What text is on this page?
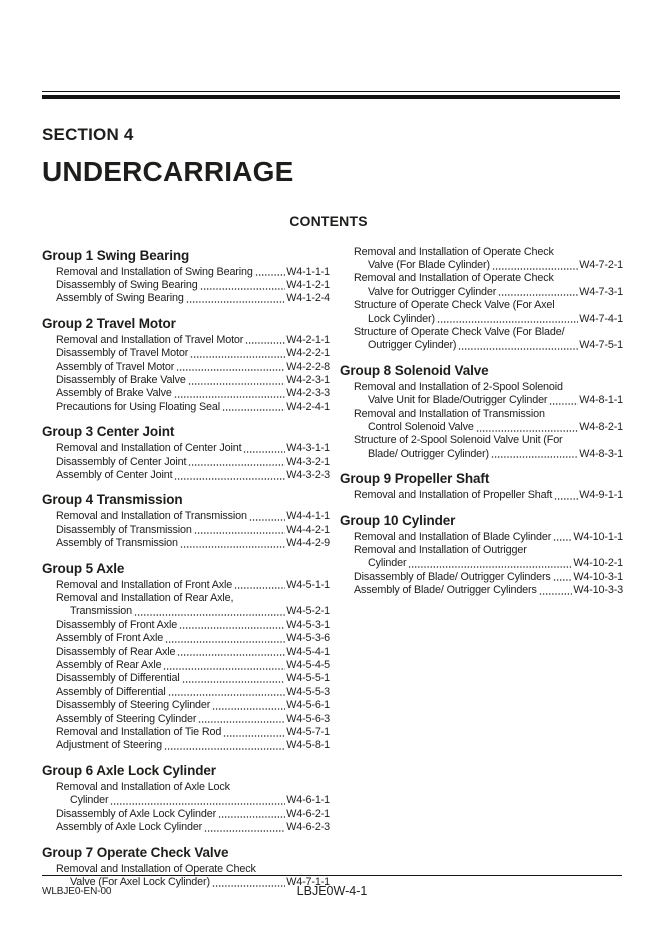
SECTION 4
UNDERCARRIAGE
CONTENTS
Group 1 Swing Bearing
Removal and Installation of Swing Bearing	W4-1-1-1
Disassembly of Swing Bearing	W4-1-2-1
Assembly of Swing Bearing	W4-1-2-4
Group 2 Travel Motor
Removal and Installation of Travel Motor	W4-2-1-1
Disassembly of Travel Motor	W4-2-2-1
Assembly of Travel Motor	W4-2-2-8
Disassembly of Brake Valve	W4-2-3-1
Assembly of Brake Valve	W4-2-3-3
Precautions for Using Floating Seal	W4-2-4-1
Group 3 Center Joint
Removal and Installation of Center Joint	W4-3-1-1
Disassembly of Center Joint	W4-3-2-1
Assembly of Center Joint	W4-3-2-3
Group 4 Transmission
Removal and Installation of Transmission	W4-4-1-1
Disassembly of Transmission	W4-4-2-1
Assembly of Transmission	W4-4-2-9
Group 5 Axle
Removal and Installation of Front Axle	W4-5-1-1
Removal and Installation of Rear Axle,
Transmission	W4-5-2-1
Disassembly of Front Axle	W4-5-3-1
Assembly of Front Axle	W4-5-3-6
Disassembly of Rear Axle	W4-5-4-1
Assembly of Rear Axle	W4-5-4-5
Disassembly of Differential	W4-5-5-1
Assembly of Differential	W4-5-5-3
Disassembly of Steering Cylinder	W4-5-6-1
Assembly of Steering Cylinder	W4-5-6-3
Removal and Installation of Tie Rod	W4-5-7-1
Adjustment of Steering	W4-5-8-1
Group 6 Axle Lock Cylinder
Removal and Installation of Axle Lock
Cylinder	W4-6-1-1
Disassembly of Axle Lock Cylinder	W4-6-2-1
Assembly of Axle Lock Cylinder	W4-6-2-3
Group 7 Operate Check Valve
Removal and Installation of Operate Check
Valve (For Axel Lock Cylinder)	W4-7-1-1
Removal and Installation of Operate Check
Valve (For Blade Cylinder)	W4-7-2-1
Removal and Installation of Operate Check
Valve for Outrigger Cylinder	W4-7-3-1
Structure of Operate Check Valve (For Axel
Lock Cylinder)	W4-7-4-1
Structure of Operate Check Valve (For Blade/
Outrigger Cylinder)	W4-7-5-1
Group 8 Solenoid Valve
Removal and Installation of 2-Spool Solenoid
Valve Unit for Blade/Outrigger Cylinder	W4-8-1-1
Removal and Installation of Transmission
Control Solenoid Valve	W4-8-2-1
Structure of 2-Spool Solenoid Valve Unit (For
Blade/ Outrigger Cylinder)	W4-8-3-1
Group 9 Propeller Shaft
Removal and Installation of Propeller Shaft W4-9-1-1
Group 10 Cylinder
Removal and Installation of Blade Cylinder W4-10-1-1
Removal and Installation of Outrigger
Cylinder	W4-10-2-1
Disassembly of Blade/ Outrigger Cylinders W4-10-3-1
Assembly of Blade/ Outrigger Cylinders	W4-10-3-3
WLBJE0-EN-00	LBJE0W-4-1
